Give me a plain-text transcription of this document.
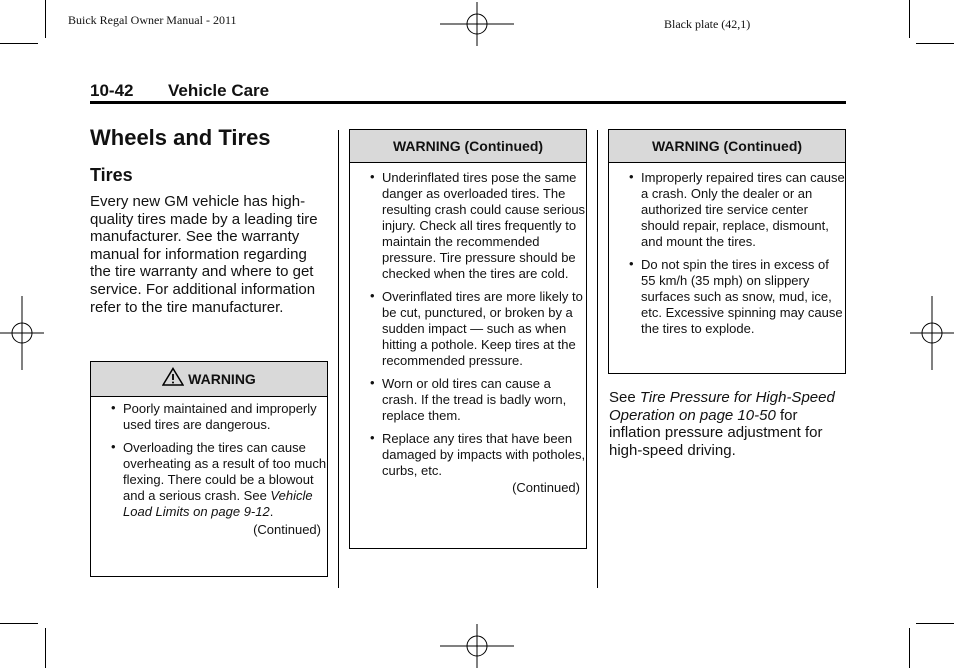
Buick Regal Owner Manual - 2011	Black plate (42,1)
10-42 Vehicle Care
Wheels and Tires
Tires
Every new GM vehicle has high-quality tires made by a leading tire manufacturer. See the warranty manual for information regarding the tire warranty and where to get service. For additional information refer to the tire manufacturer.
WARNING
• Poorly maintained and improperly used tires are dangerous.
• Overloading the tires can cause overheating as a result of too much flexing. There could be a blowout and a serious crash. See Vehicle Load Limits on page 9-12.
(Continued)
WARNING (Continued)
• Underinflated tires pose the same danger as overloaded tires. The resulting crash could cause serious injury. Check all tires frequently to maintain the recommended pressure. Tire pressure should be checked when the tires are cold.
• Overinflated tires are more likely to be cut, punctured, or broken by a sudden impact — such as when hitting a pothole. Keep tires at the recommended pressure.
• Worn or old tires can cause a crash. If the tread is badly worn, replace them.
• Replace any tires that have been damaged by impacts with potholes, curbs, etc.
(Continued)
WARNING (Continued)
• Improperly repaired tires can cause a crash. Only the dealer or an authorized tire service center should repair, replace, dismount, and mount the tires.
• Do not spin the tires in excess of 55 km/h (35 mph) on slippery surfaces such as snow, mud, ice, etc. Excessive spinning may cause the tires to explode.
See Tire Pressure for High-Speed Operation on page 10-50 for inflation pressure adjustment for high-speed driving.
